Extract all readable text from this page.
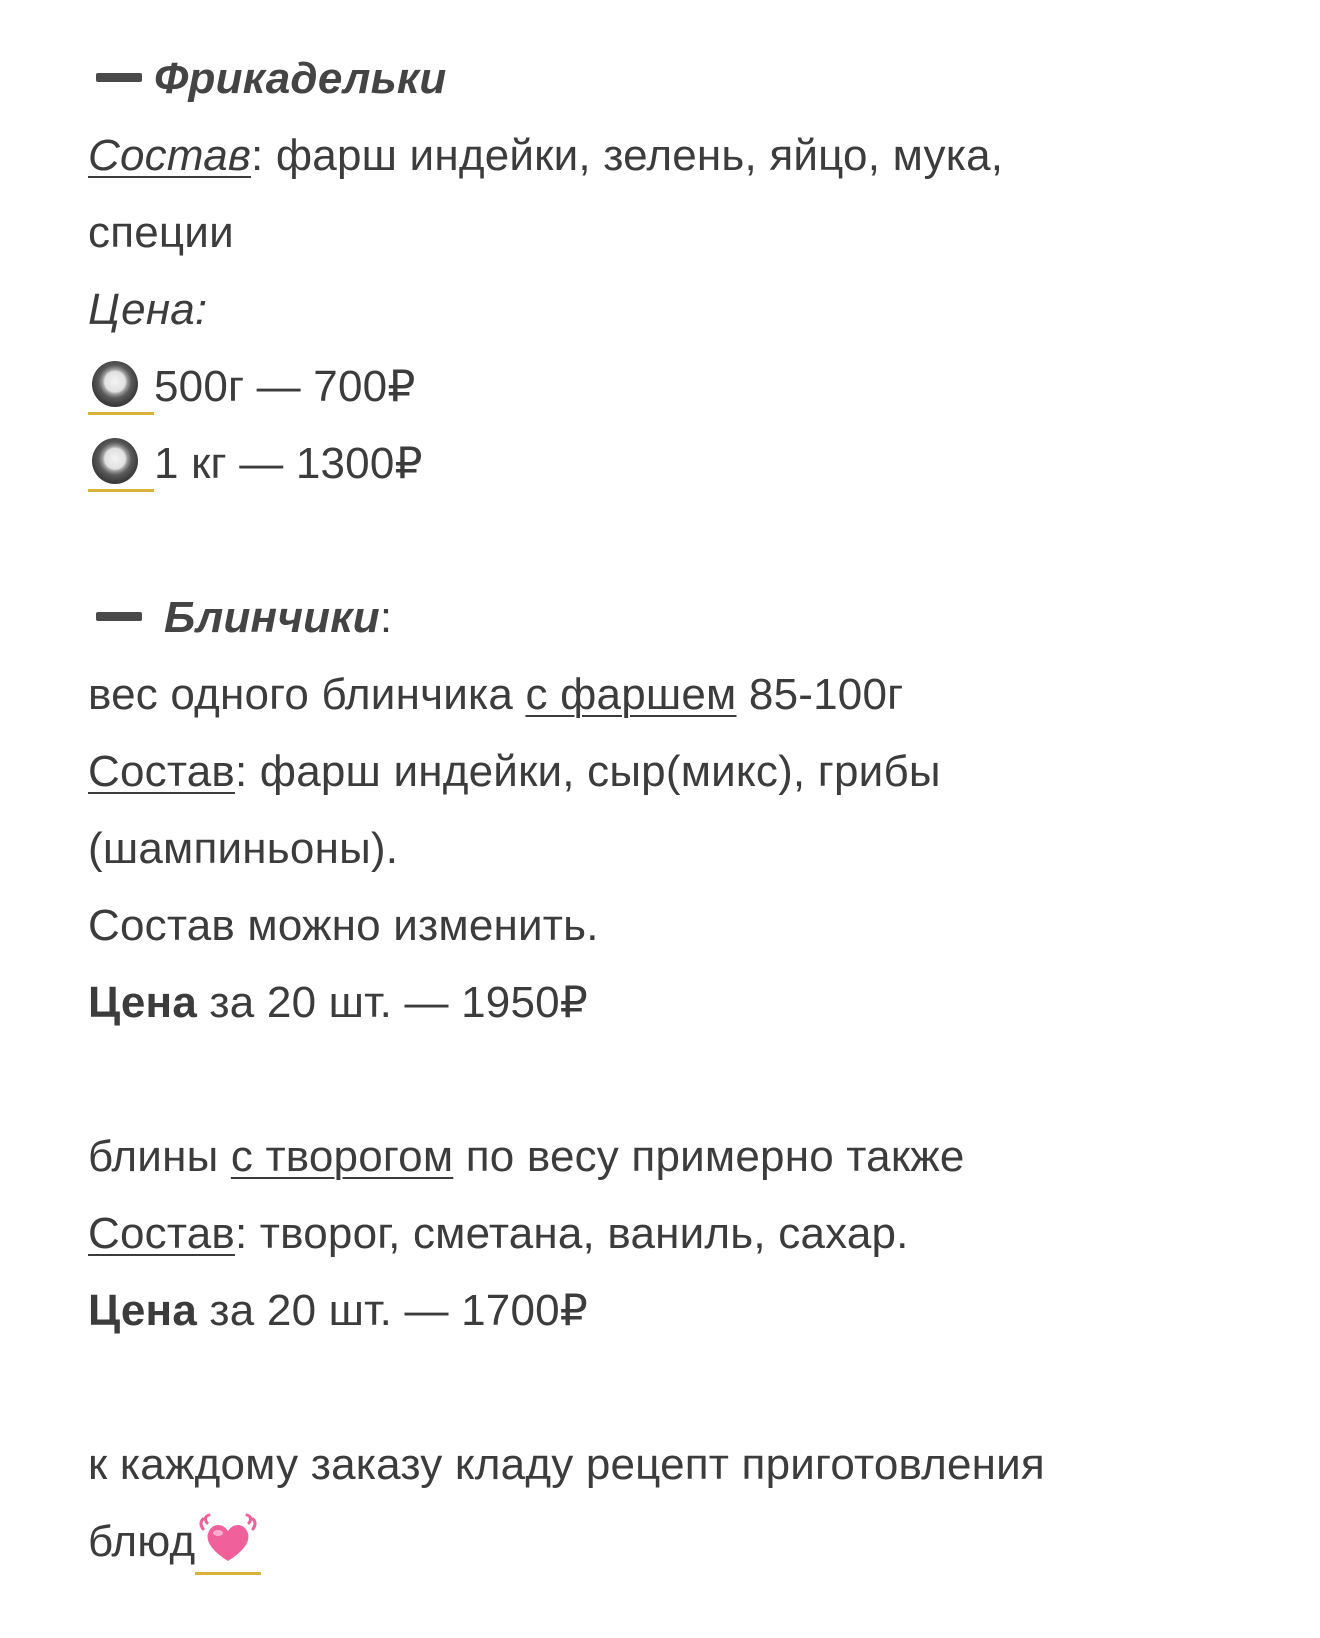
Фрикадельки
Состав: фарш индейки, зелень, яйцо, мука,
специи
Цена:
500г — 700₽
1 кг — 1300₽
Блинчики:
вес одного блинчика с фаршем 85-100г
Состав: фарш индейки, сыр(микс), грибы
(шампиньоны).
Состав можно изменить.
Цена за 20 шт. — 1950₽
блины с творогом по весу примерно также
Состав: творог, сметана, ваниль, сахар.
Цена за 20 шт. — 1700₽
к каждому заказу кладу рецепт приготовления
блюд
